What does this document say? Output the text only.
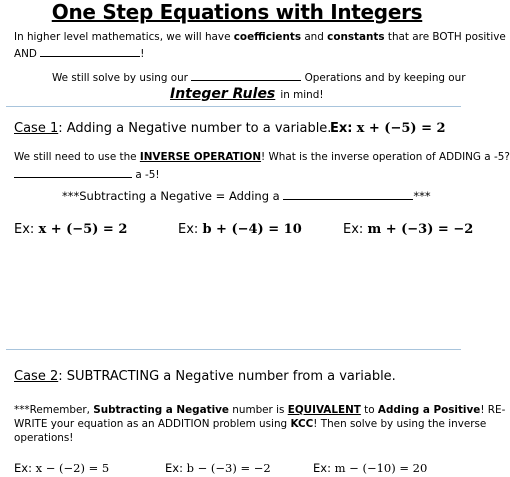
One Step Equations with Integers
In higher level mathematics, we will have coefficients and constants that are BOTH positive
AND	!
We still solve by using our	Operations and by keeping our
Integer Rules in mind!
Case 1: Adding a Negative number to a variable.
Ex: x + (−5) = 2
We still need to use the INVERSE OPERATION! What is the inverse operation of ADDING a -5?
a -5!
***Subtracting a Negative = Adding a	***
Ex: x + (−5) = 2	Ex: b + (−4) = 10	Ex: m + (−3) = −2
Case 2: SUBTRACTING a Negative number from a variable.
***Remember, Subtracting a Negative number is EQUIVALENT to Adding a Positive! RE-
WRITE your equation as an ADDITION problem using KCC! Then solve by using the inverse
operations!
Ex: x − (−2) = 5	Ex: b − (−3) = −2	Ex: m − (−10) = 20
